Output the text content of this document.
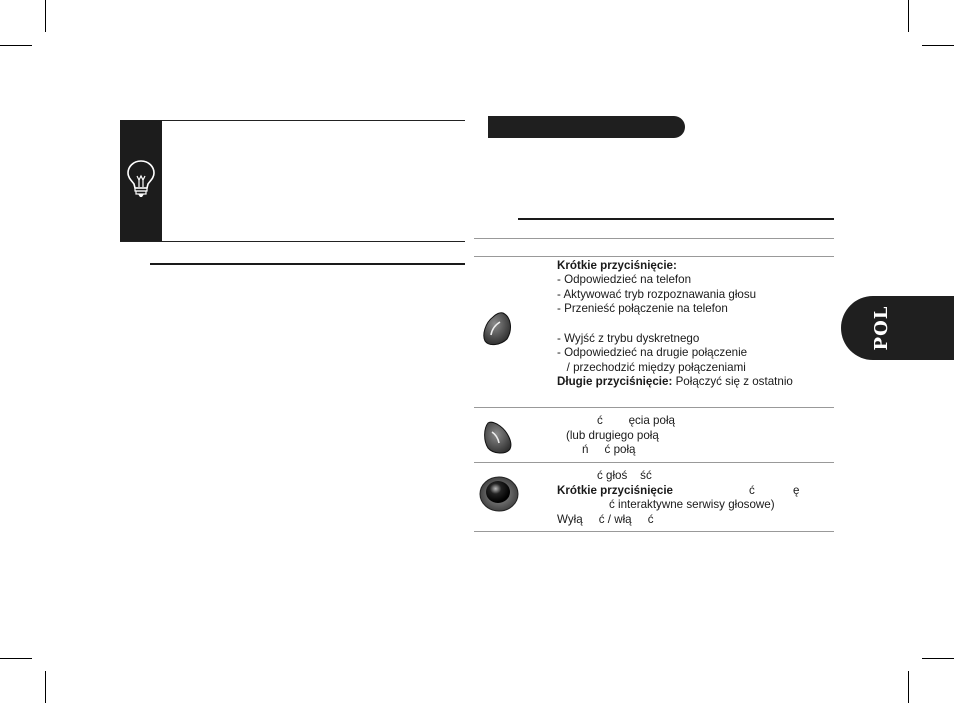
Krótkie przyciśnięcie:
- Odpowiedzieć na telefon
- Aktywować tryb rozpoznawania głosu
- Przenieść połączenie na telefon
- Wyjść z trybu dyskretnego
- Odpowiedzieć na drugie połączenie
/ przechodzić między połączeniami
Długie przyciśnięcie: Połączyć się z ostatnio
ć        ęcia połą
(lub drugiego połą
ń     ć połą
ć głoś    ść
Krótkie przyciśnięcie	ć	ę
ć interaktywne serwisy głosowe)
Wyłą     ć / włą     ć
POL
